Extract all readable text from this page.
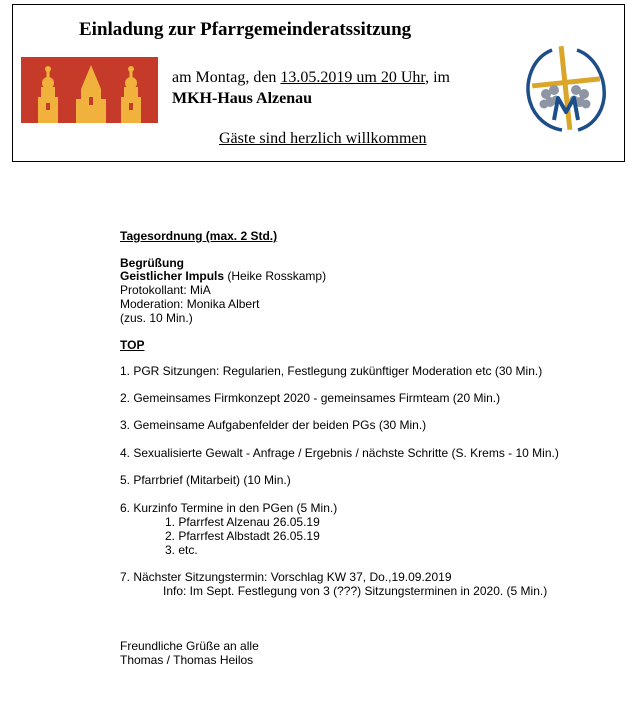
Einladung zur Pfarrgemeinderatssitzung
am Montag, den 13.05.2019 um 20 Uhr, im
MKH-Haus Alzenau
Gäste sind herzlich willkommen
Tagesordnung (max. 2 Std.)
Begrüßung
Geistlicher Impuls (Heike Rosskamp)
Protokollant: MiA
Moderation: Monika Albert
(zus. 10 Min.)
TOP
1. PGR Sitzungen: Regularien, Festlegung zukünftiger Moderation etc (30 Min.)
2. Gemeinsames Firmkonzept 2020 - gemeinsames Firmteam (20 Min.)
3. Gemeinsame Aufgabenfelder der beiden PGs (30 Min.)
4. Sexualisierte Gewalt - Anfrage / Ergebnis / nächste Schritte (S. Krems - 10 Min.)
5. Pfarrbrief (Mitarbeit) (10 Min.)
6. Kurzinfo Termine in den PGen (5 Min.)
1. Pfarrfest Alzenau 26.05.19
2. Pfarrfest Albstadt 26.05.19
3. etc.
7. Nächster Sitzungstermin: Vorschlag KW 37, Do.,19.09.2019
Info: Im Sept. Festlegung von 3 (???) Sitzungsterminen in 2020. (5 Min.)
Freundliche Grüße an alle
Thomas / Thomas Heilos
